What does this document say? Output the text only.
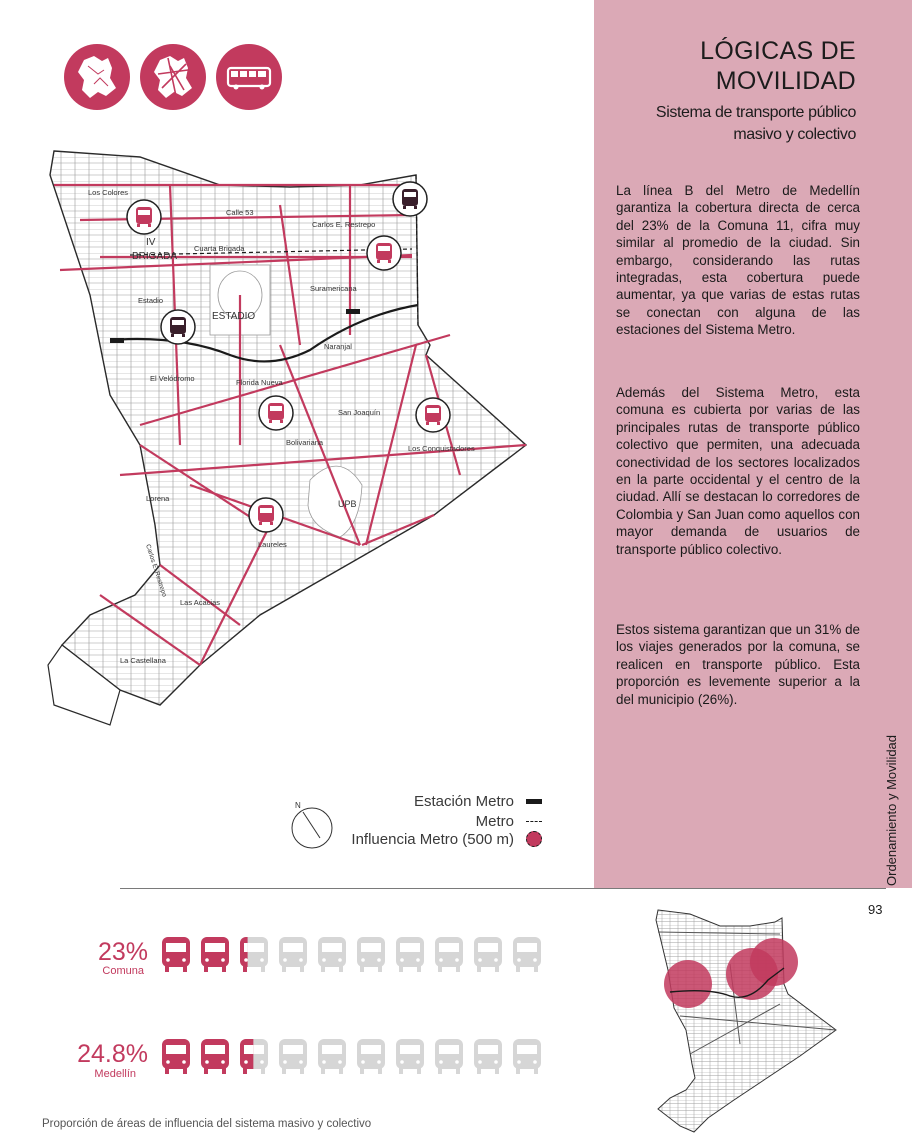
Los Colores
Calle 53
IV
BRIGADA
Cuarta Brigada
Carlos E. Restrepo
Suramericana
Estadio
ESTADIO
Naranjal
El Velódromo	Florida Nueva
San Joaquín
Bolivariana
Los Conquistadores
UPB
Lorena
Laureles
Carlos E. Restrepo
Las Acacias
La Castellana
N	Estación Metro
Metro
Influencia Metro (500 m)
LÓGICAS DE
MOVILIDAD
Sistema de transporte público masivo y colectivo

La línea B del Metro de Medellín garantiza la cobertura directa de cerca del 23% de la Comuna 11, cifra muy similar al promedio de la ciudad. Sin embargo, considerando las rutas integradas, esta cobertura puede aumentar, ya que varias de estas rutas se conectan con alguna de las estaciones del Sistema Metro.

Además del Sistema Metro, esta comuna es cubierta por varias de las principales rutas de transporte público colectivo que permiten, una adecuada conectividad de los sectores localizados en la parte occidental y el centro de la ciudad. Allí se destacan lo corredores de Colombia y San Juan como aquellos con mayor demanda de usuarios de transporte público colectivo.

Estos sistema garantizan que un 31% de los viajes generados por la comuna, se realicen en transporte público. Esta proporción es levemente superior a la del municipio (26%).

Ordenamiento y Movilidad
93
23%
Comuna
24.8%
Medellín
Proporción de áreas de influencia del sistema masivo y colectivo
